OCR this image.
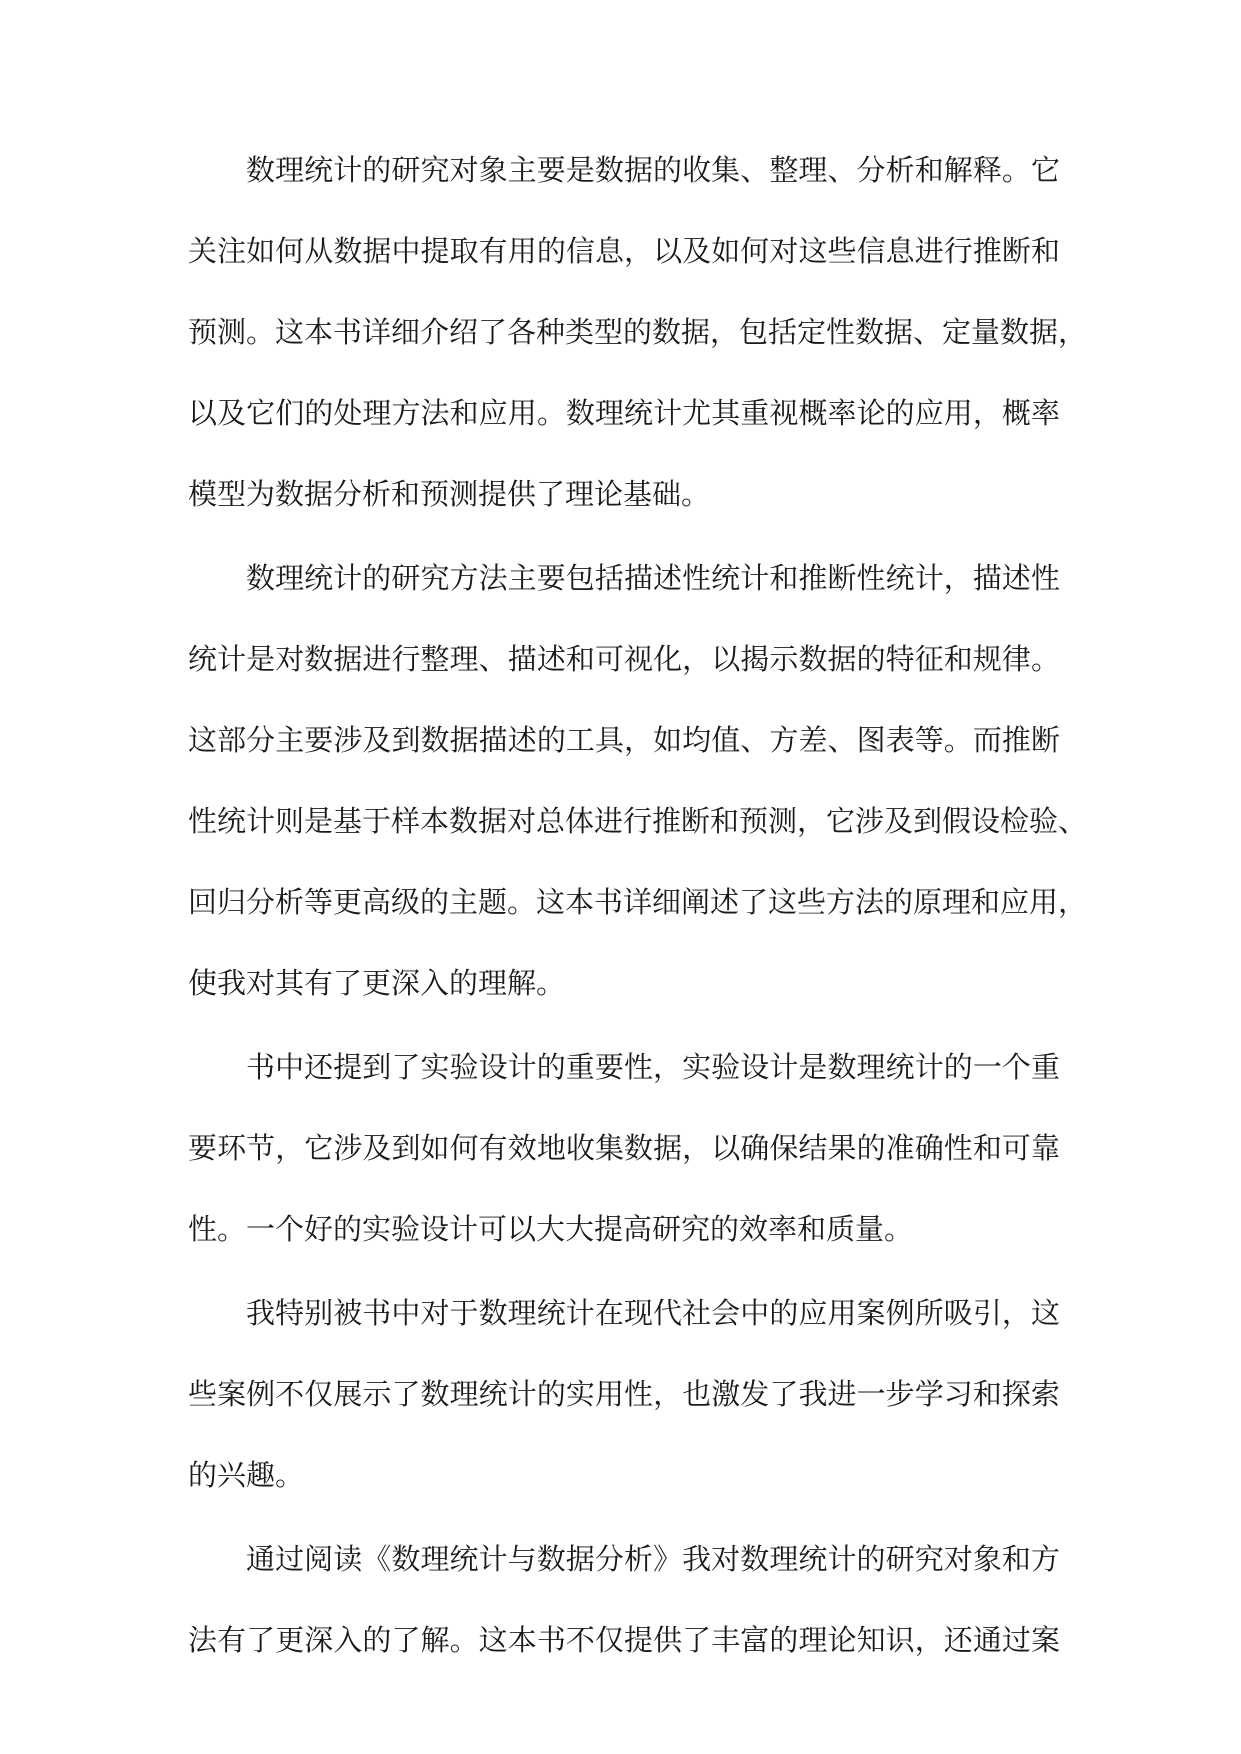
数理统计的研究对象主要是数据的收集、整理、分析和解释。它
关注如何从数据中提取有用的信息，以及如何对这些信息进行推断和
预测。这本书详细介绍了各种类型的数据，包括定性数据、定量数据，
以及它们的处理方法和应用。数理统计尤其重视概率论的应用，概率
模型为数据分析和预测提供了理论基础。
数理统计的研究方法主要包括描述性统计和推断性统计，描述性
统计是对数据进行整理、描述和可视化，以揭示数据的特征和规律。
这部分主要涉及到数据描述的工具，如均值、方差、图表等。而推断
性统计则是基于样本数据对总体进行推断和预测，它涉及到假设检验、
回归分析等更高级的主题。这本书详细阐述了这些方法的原理和应用，
使我对其有了更深入的理解。
书中还提到了实验设计的重要性，实验设计是数理统计的一个重
要环节，它涉及到如何有效地收集数据，以确保结果的准确性和可靠
性。一个好的实验设计可以大大提高研究的效率和质量。
我特别被书中对于数理统计在现代社会中的应用案例所吸引，这
些案例不仅展示了数理统计的实用性，也激发了我进一步学习和探索
的兴趣。
通过阅读《数理统计与数据分析》我对数理统计的研究对象和方
法有了更深入的了解。这本书不仅提供了丰富的理论知识，还通过案
